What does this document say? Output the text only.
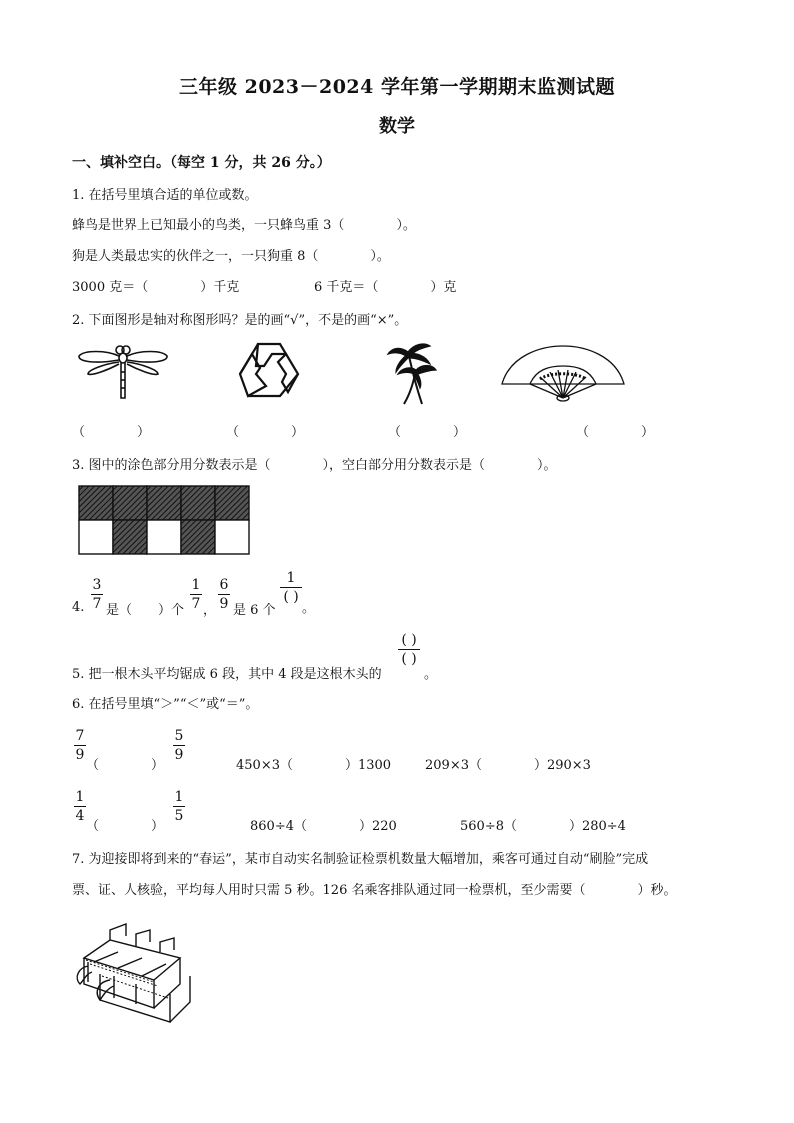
三年级 2023－2024 学年第一学期期末监测试题
数学
一、填补空白。（每空 1 分，共 26 分。）
1. 在括号里填合适的单位或数。
蜂鸟是世界上已知最小的鸟类，一只蜂鸟重 3（　　　　）。
狗是人类最忠实的伙伴之一，一只狗重 8（　　　　）。
3000 克＝（　　　　）千克	6 千克＝（　　　　）克
2. 下面图形是轴对称图形吗？是的画“√”，不是的画“×”。
（　　　　）	（　　　　）	（　　　　）	（　　　　）
3. 图中的涂色部分用分数表示是（　　　　），空白部分用分数表示是（　　　　）。
4.
3
7 是（　　）个
1
7 ，
6
9 是 6 个
1
( )
。
5. 把一根木头平均锯成 6 段，其中 4 段是这根木头的
( )
( )
。
6. 在括号里填“＞”“＜”或“＝”。
7
9
（　　　　）
5
9
450×3（　　　　）1300	209×3（　　　　）290×3
1
4
（　　　　）
1
5
860÷4（　　　　）220	560÷8（　　　　）280÷4
7. 为迎接即将到来的“春运”，某市自动实名制验证检票机数量大幅增加，乘客可通过自动“刷脸”完成
票、证、人核验，平均每人用时只需 5 秒。126 名乘客排队通过同一检票机，至少需要（　　　　）秒。
